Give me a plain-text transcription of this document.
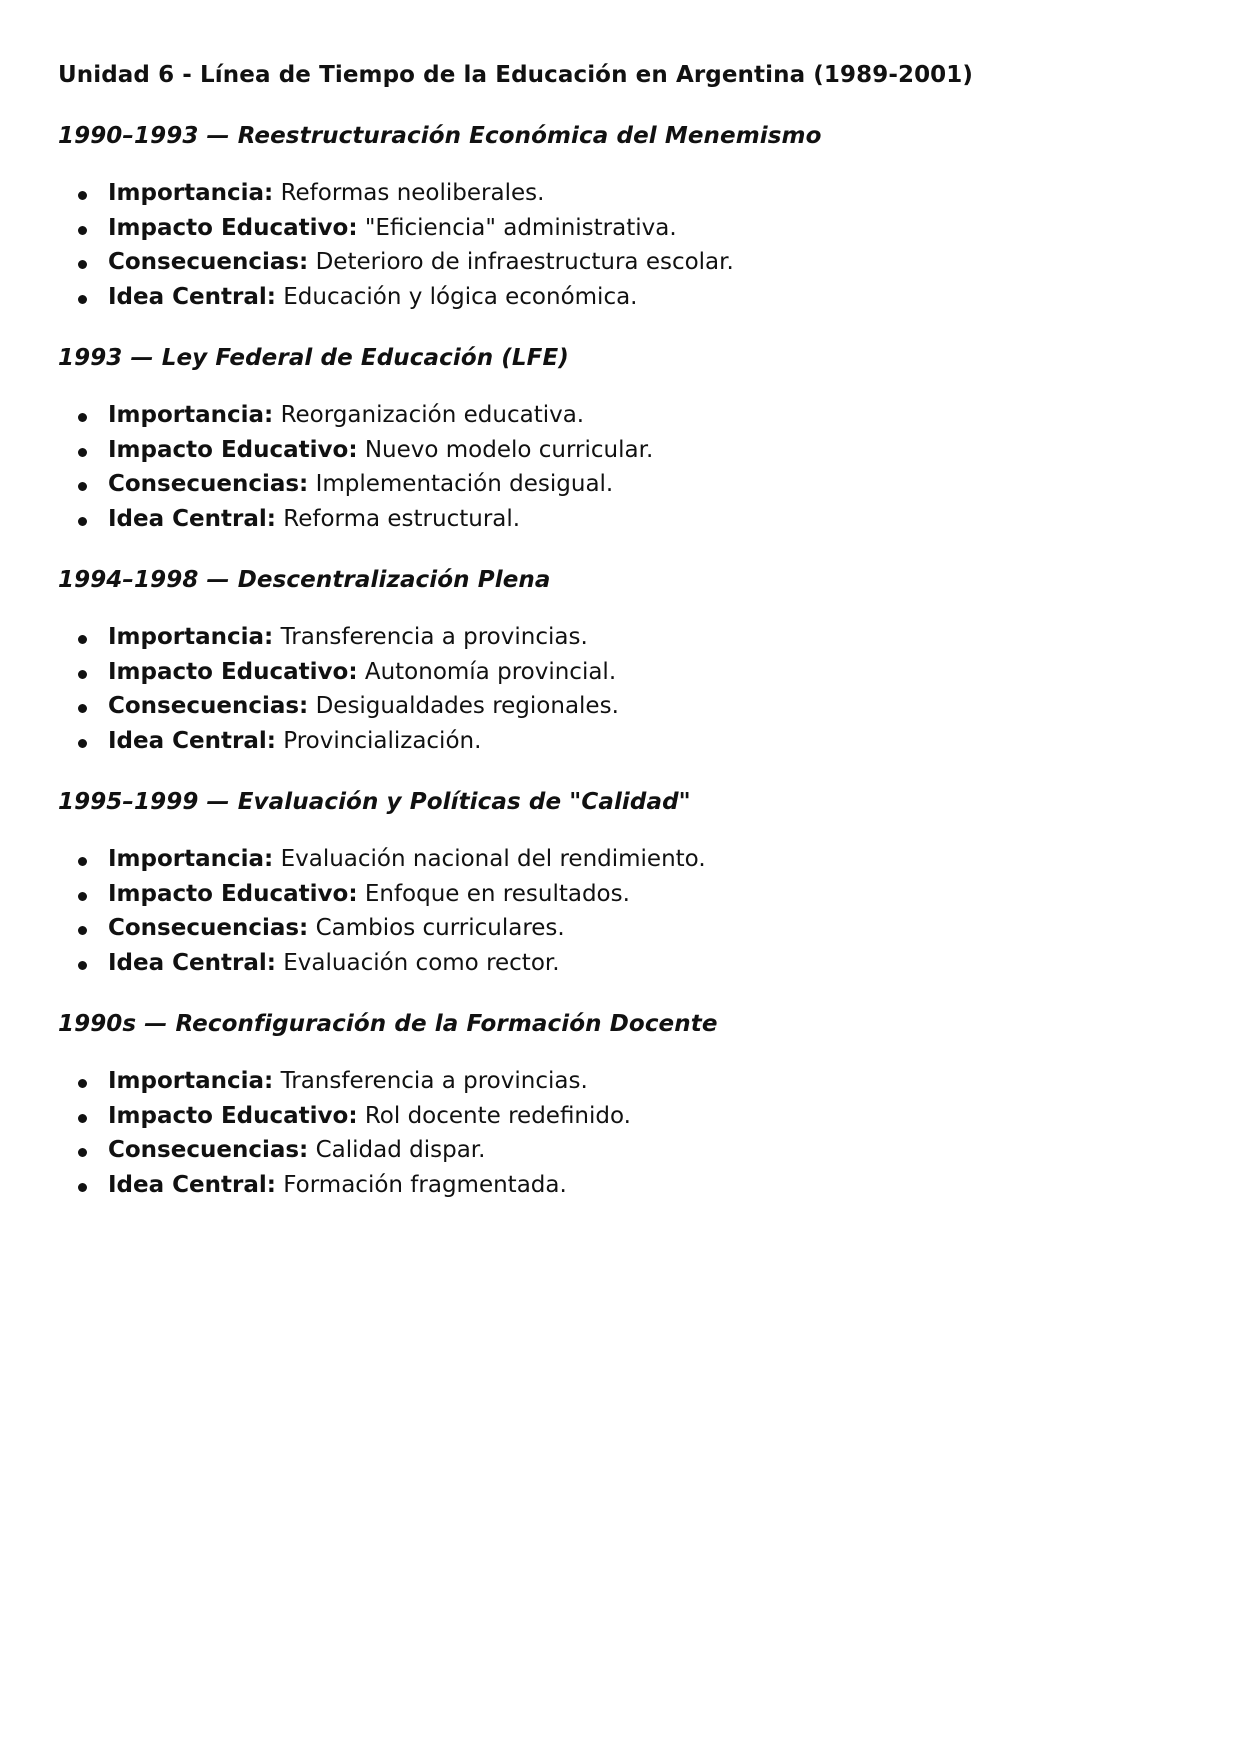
Unidad 6 - Línea de Tiempo de la Educación en Argentina (1989-2001)
1990–1993 — Reestructuración Económica del Menemismo
Importancia: Reformas neoliberales.
Impacto Educativo: "Eficiencia" administrativa.
Consecuencias: Deterioro de infraestructura escolar.
Idea Central: Educación y lógica económica.
1993 — Ley Federal de Educación (LFE)
Importancia: Reorganización educativa.
Impacto Educativo: Nuevo modelo curricular.
Consecuencias: Implementación desigual.
Idea Central: Reforma estructural.
1994–1998 — Descentralización Plena
Importancia: Transferencia a provincias.
Impacto Educativo: Autonomía provincial.
Consecuencias: Desigualdades regionales.
Idea Central: Provincialización.
1995–1999 — Evaluación y Políticas de "Calidad"
Importancia: Evaluación nacional del rendimiento.
Impacto Educativo: Enfoque en resultados.
Consecuencias: Cambios curriculares.
Idea Central: Evaluación como rector.
1990s — Reconfiguración de la Formación Docente
Importancia: Transferencia a provincias.
Impacto Educativo: Rol docente redefinido.
Consecuencias: Calidad dispar.
Idea Central: Formación fragmentada.
